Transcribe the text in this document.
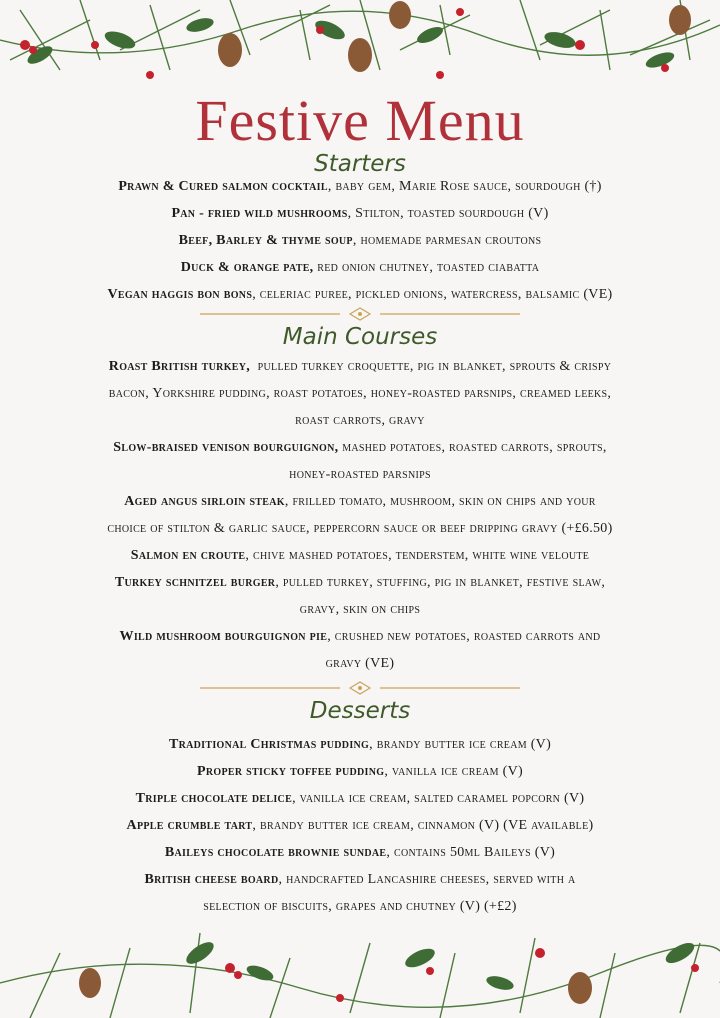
Festive Menu
Starters
Prawn & Cured salmon cocktail, baby gem, Marie Rose sauce, sourdough (†)
Pan - fried wild mushrooms, Stilton, toasted sourdough (V)
Beef, Barley & thyme soup, homemade parmesan croutons
Duck & orange pate, red onion chutney, toasted ciabatta
Vegan haggis bon bons, celeriac puree, pickled onions, watercress, balsamic (VE)
Main Courses
Roast British turkey,  pulled turkey croquette, pig in blanket, sprouts & crispy
bacon, Yorkshire pudding, roast potatoes, honey-roasted parsnips, creamed leeks,
roast carrots, gravy
Slow-braised venison bourguignon, mashed potatoes, roasted carrots, sprouts,
honey-roasted parsnips
Aged angus sirloin steak, frilled tomato, mushroom, skin on chips and your
choice of stilton & garlic sauce, peppercorn sauce or beef dripping gravy (+£6.50)
Salmon en croute, chive mashed potatoes, tenderstem, white wine veloute
Turkey schnitzel burger, pulled turkey, stuffing, pig in blanket, festive slaw,
gravy, skin on chips
Wild mushroom bourguignon pie, crushed new potatoes, roasted carrots and
gravy (VE)
Desserts
Traditional Christmas pudding, brandy butter ice cream (V)
Proper sticky toffee pudding, vanilla ice cream (V)
Triple chocolate delice, vanilla ice cream, salted caramel popcorn (V)
Apple crumble tart, brandy butter ice cream, cinnamon (V) (VE available)
Baileys chocolate brownie sundae, contains 50ml Baileys (V)
British cheese board, handcrafted Lancashire cheeses, served with a
selection of biscuits, grapes and chutney (V) (+£2)
